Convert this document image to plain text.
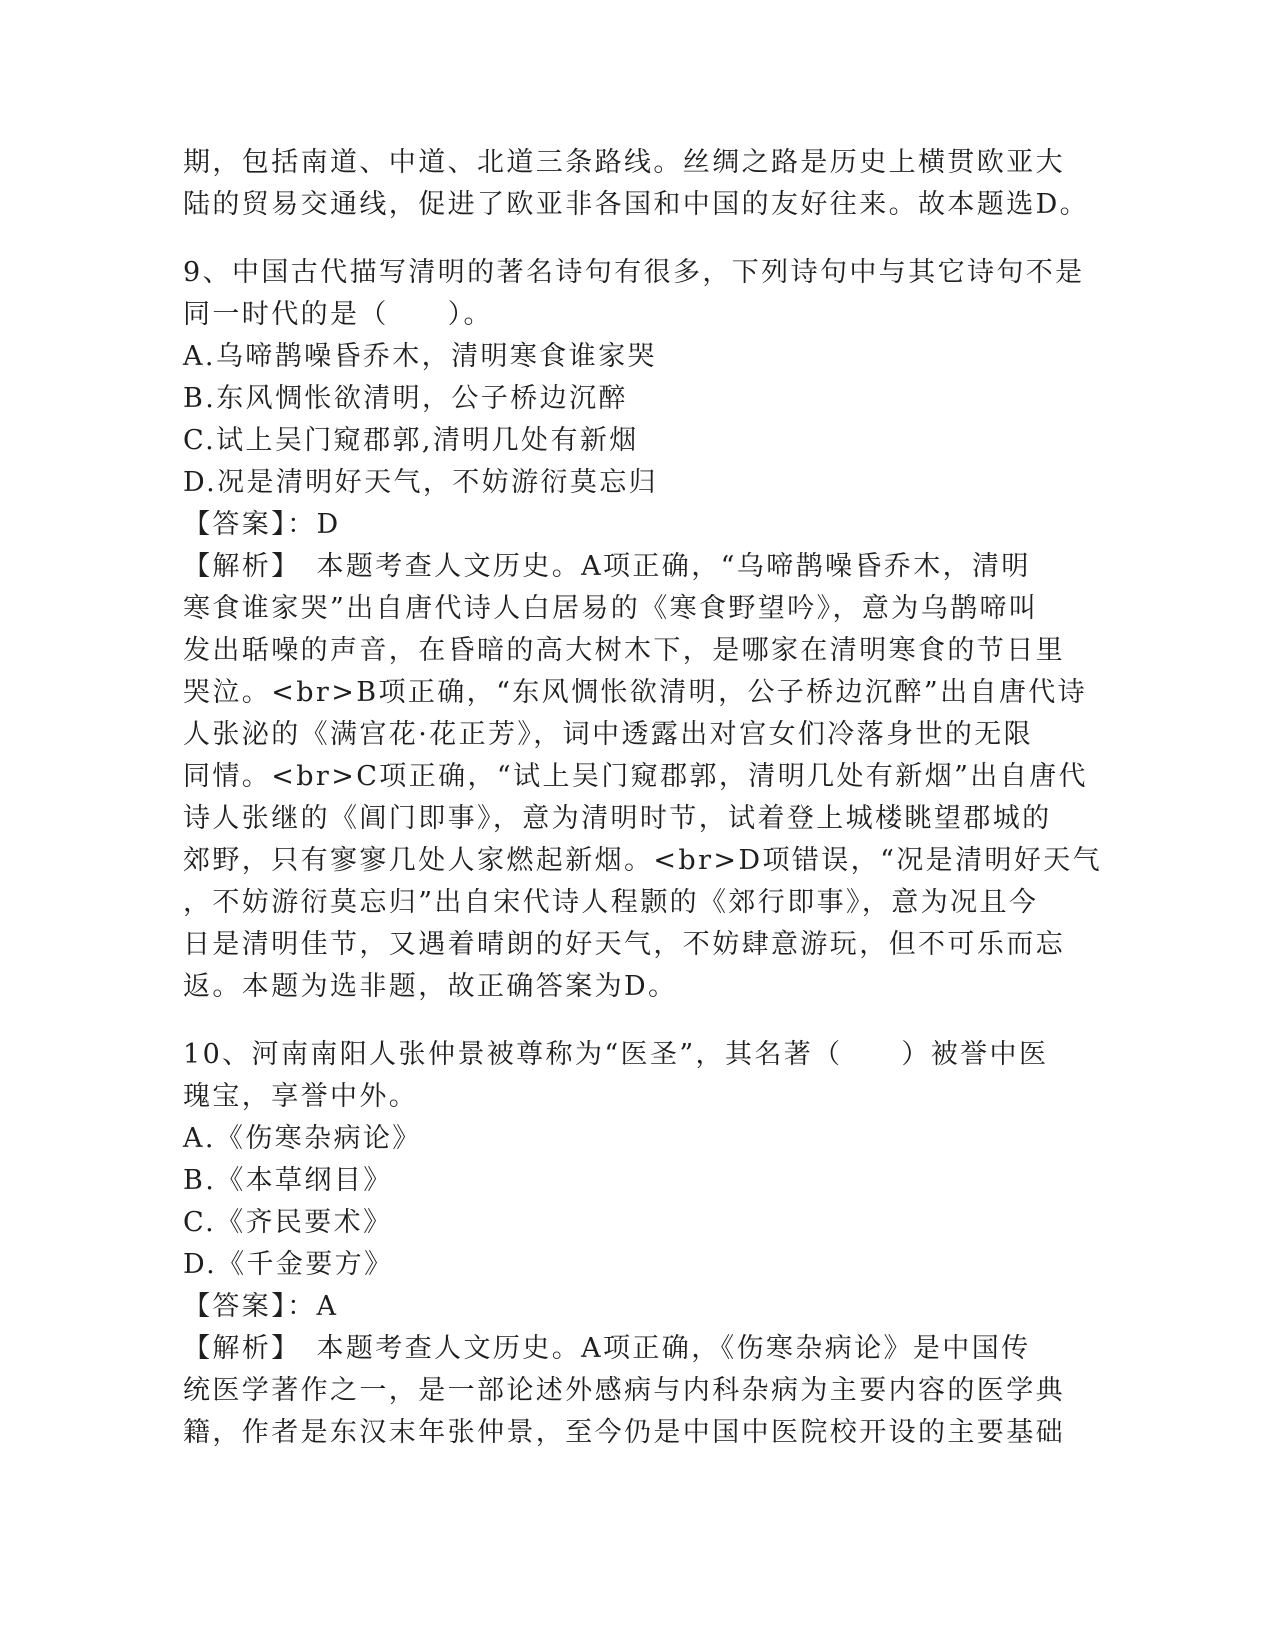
期，包括南道、中道、北道三条路线。丝绸之路是历史上横贯欧亚大
陆的贸易交通线，促进了欧亚非各国和中国的友好往来。故本题选D。
9、中国古代描写清明的著名诗句有很多，下列诗句中与其它诗句不是
同一时代的是（　　）。
A.乌啼鹊噪昏乔木，清明寒食谁家哭
B.东风惆怅欲清明，公子桥边沉醉
C.试上吴门窥郡郭,清明几处有新烟
D.况是清明好天气，不妨游衍莫忘归
【答案】：D
【解析】　本题考查人文历史。A项正确，“乌啼鹊噪昏乔木，清明
寒食谁家哭”出自唐代诗人白居易的《寒食野望吟》，意为乌鹊啼叫
发出聒噪的声音，在昏暗的高大树木下，是哪家在清明寒食的节日里
哭泣。<br>B项正确，“东风惆怅欲清明，公子桥边沉醉”出自唐代诗
人张泌的《满宫花·花正芳》，词中透露出对宫女们冷落身世的无限
同情。<br>C项正确，“试上吴门窥郡郭，清明几处有新烟”出自唐代
诗人张继的《阊门即事》，意为清明时节，试着登上城楼眺望郡城的
郊野，只有寥寥几处人家燃起新烟。<br>D项错误，“况是清明好天气
，不妨游衍莫忘归”出自宋代诗人程颢的《郊行即事》，意为况且今
日是清明佳节，又遇着晴朗的好天气，不妨肆意游玩，但不可乐而忘
返。本题为选非题，故正确答案为D。
10、河南南阳人张仲景被尊称为“医圣”，其名著（　　）被誉中医
瑰宝，享誉中外。
A.《伤寒杂病论》
B.《本草纲目》
C.《齐民要术》
D.《千金要方》
【答案】：A
【解析】　本题考查人文历史。A项正确，《伤寒杂病论》是中国传
统医学著作之一，是一部论述外感病与内科杂病为主要内容的医学典
籍，作者是东汉末年张仲景，至今仍是中国中医院校开设的主要基础
